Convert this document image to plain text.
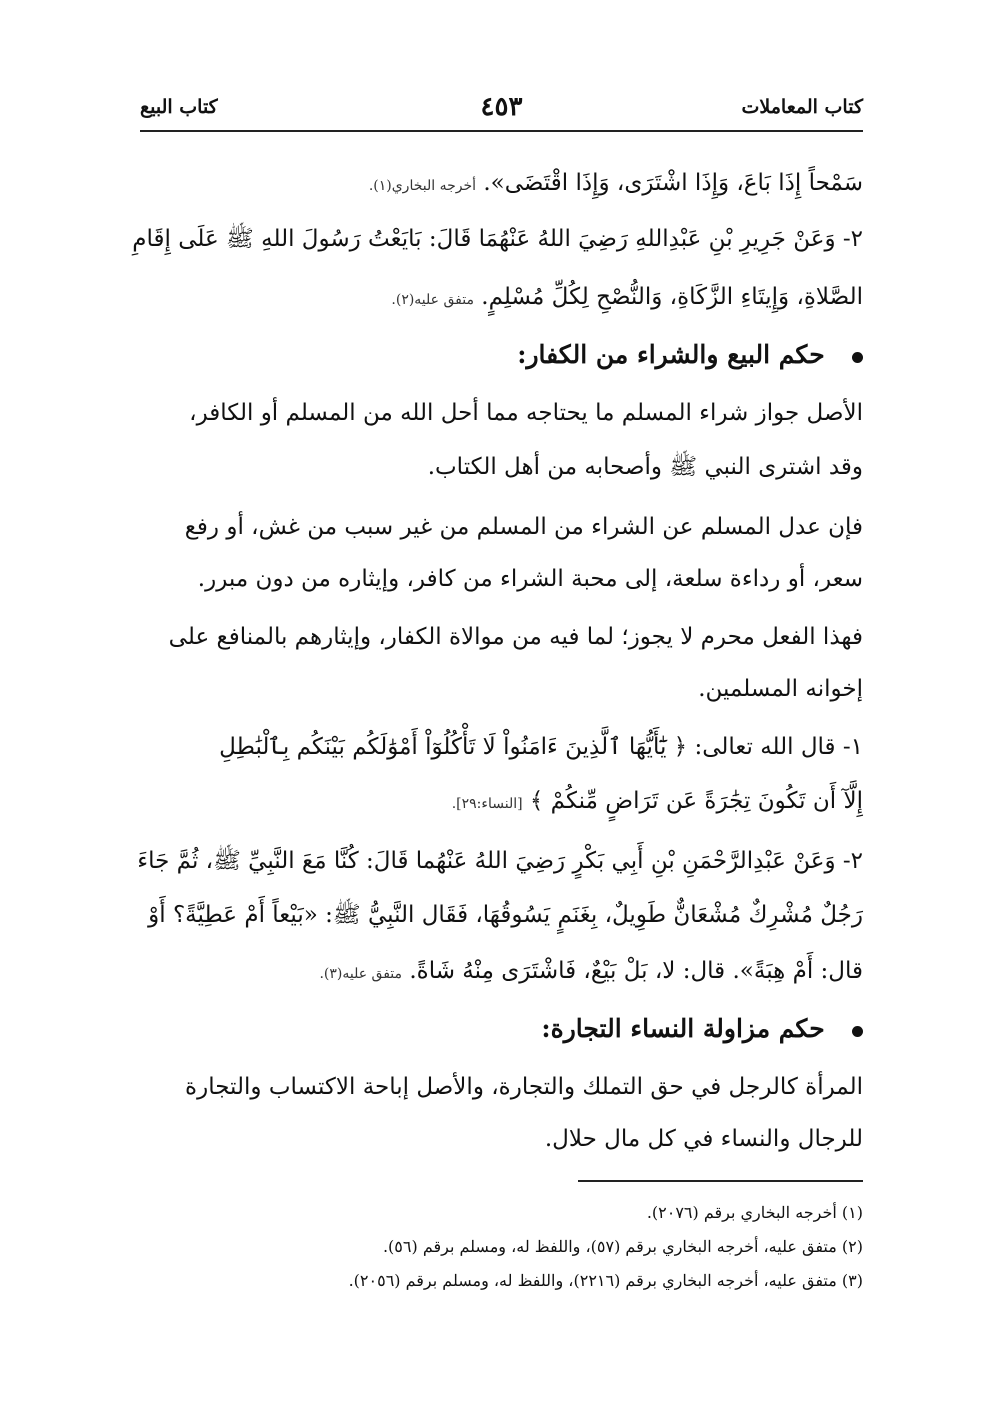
كتاب المعاملات
٤٥٣
كتاب البيع
سَمْحاً إِذَا بَاعَ، وَإِذَا اشْتَرَى، وَإِذَا اقْتَضَى». أخرجه البخاري(١).
٢- وَعَنْ جَرِيرِ بْنِ عَبْدِاللهِ رَضِيَ اللهُ عَنْهُمَا قَالَ: بَايَعْتُ رَسُولَ اللهِ ﷺ عَلَى إِقَامِ
الصَّلاةِ، وَإِيتَاءِ الزَّكَاةِ، وَالنُّصْحِ لِكُلِّ مُسْلِمٍ. متفق عليه(٢).
حكم البيع والشراء من الكفار:
الأصل جواز شراء المسلم ما يحتاجه مما أحل الله من المسلم أو الكافر،
وقد اشترى النبي ﷺ وأصحابه من أهل الكتاب.
فإن عدل المسلم عن الشراء من المسلم من غير سبب من غش، أو رفع
سعر، أو رداءة سلعة، إلى محبة الشراء من كافر، وإيثاره من دون مبرر.
فهذا الفعل محرم لا يجوز؛ لما فيه من موالاة الكفار، وإيثارهم بالمنافع على
إخوانه المسلمين.
١- قال الله تعالى: ﴿ يَٰٓأَيُّهَا ٱلَّذِينَ ءَامَنُواْ لَا تَأْكُلُوٓاْ أَمْوَٰلَكُم بَيْنَكُم بِٱلْبَٰطِلِ
إِلَّآ أَن تَكُونَ تِجَٰرَةً عَن تَرَاضٍ مِّنكُمْ ﴾ [النساء:٢٩].
٢- وَعَنْ عَبْدِالرَّحْمَنِ بْنِ أَبِي بَكْرٍ رَضِيَ اللهُ عَنْهُما قَالَ: كُنَّا مَعَ النَّبِيِّ ﷺ، ثُمَّ جَاءَ
رَجُلٌ مُشْرِكٌ مُشْعَانٌّ طَوِيلٌ، بِغَنَمٍ يَسُوقُهَا، فَقَال النَّبِيُّ ﷺ: «بَيْعاً أَمْ عَطِيَّةً؟ أَوْ
قال: أَمْ هِبَةً». قال: لا، بَلْ بَيْعٌ، فَاشْتَرَى مِنْهُ شَاةً. متفق عليه(٣).
حكم مزاولة النساء التجارة:
المرأة كالرجل في حق التملك والتجارة، والأصل إباحة الاكتساب والتجارة
للرجال والنساء في كل مال حلال.
(١) أخرجه البخاري برقم (٢٠٧٦).
(٢) متفق عليه، أخرجه البخاري برقم (٥٧)، واللفظ له، ومسلم برقم (٥٦).
(٣) متفق عليه، أخرجه البخاري برقم (٢٢١٦)، واللفظ له، ومسلم برقم (٢٠٥٦).
